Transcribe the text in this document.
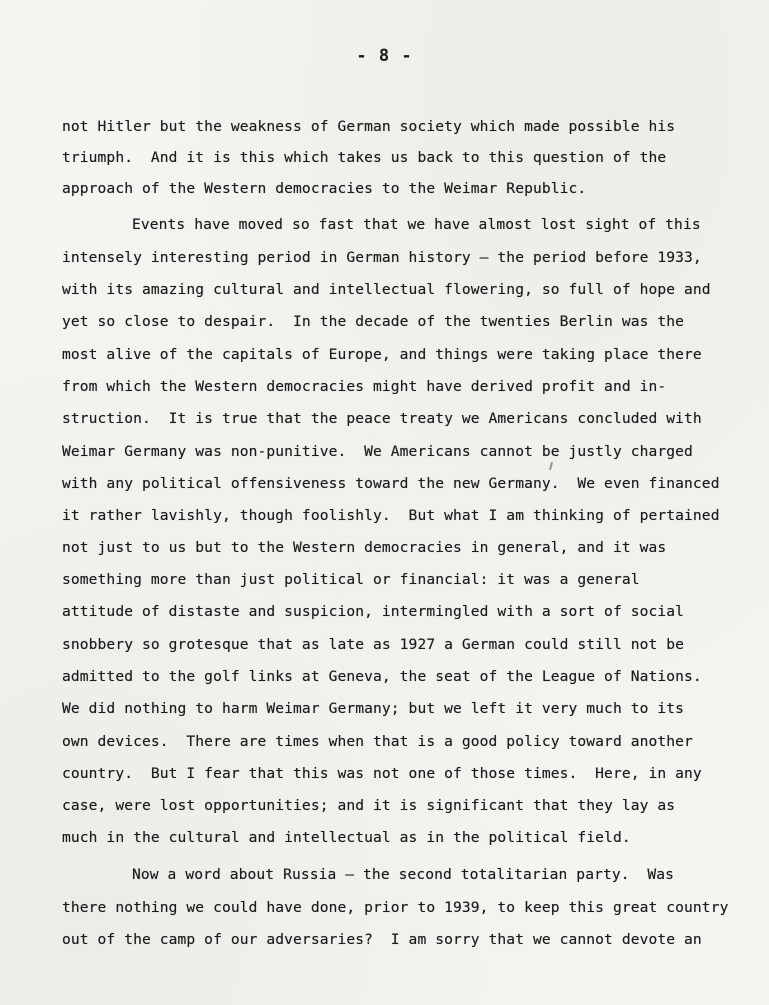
- 8 -
not Hitler but the weakness of German society which made possible his
triumph.  And it is this which takes us back to this question of the
approach of the Western democracies to the Weimar Republic.
Events have moved so fast that we have almost lost sight of this
intensely interesting period in German history — the period before 1933,
with its amazing cultural and intellectual flowering, so full of hope and
yet so close to despair.  In the decade of the twenties Berlin was the
most alive of the capitals of Europe, and things were taking place there
from which the Western democracies might have derived profit and in-
struction.  It is true that the peace treaty we Americans concluded with
Weimar Germany was non-punitive.  We Americans cannot be justly charged
with any political offensiveness toward the new Germany.  We even financed
it rather lavishly, though foolishly.  But what I am thinking of pertained
not just to us but to the Western democracies in general, and it was
something more than just political or financial: it was a general
attitude of distaste and suspicion, intermingled with a sort of social
snobbery so grotesque that as late as 1927 a German could still not be
admitted to the golf links at Geneva, the seat of the League of Nations.
We did nothing to harm Weimar Germany; but we left it very much to its
own devices.  There are times when that is a good policy toward another
country.  But I fear that this was not one of those times.  Here, in any
case, were lost opportunities; and it is significant that they lay as
much in the cultural and intellectual as in the political field.
Now a word about Russia — the second totalitarian party.  Was
there nothing we could have done, prior to 1939, to keep this great country
out of the camp of our adversaries?  I am sorry that we cannot devote an
